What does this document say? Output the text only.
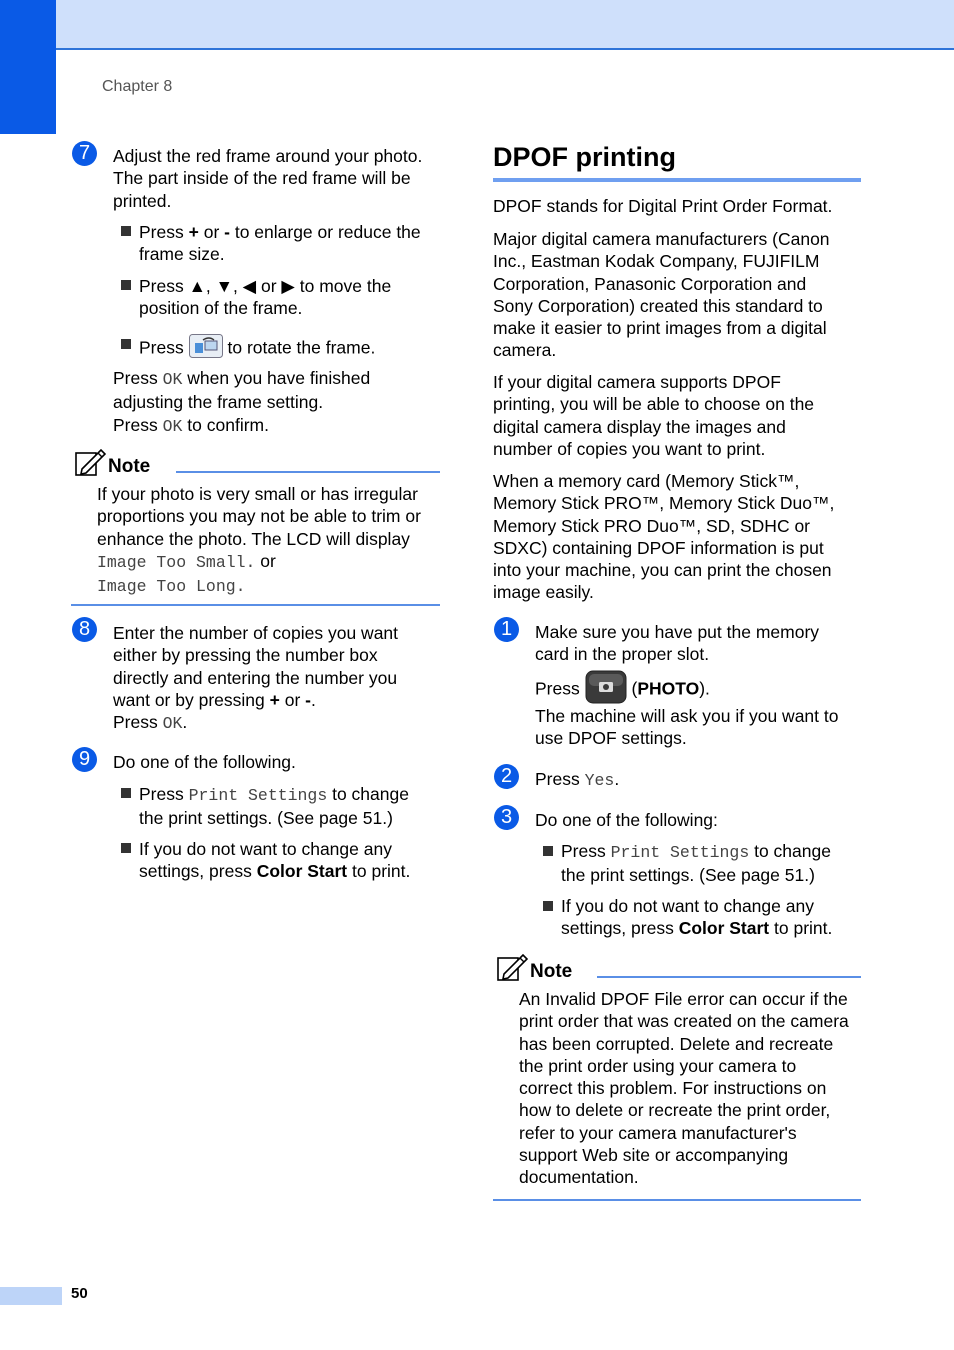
Chapter 8
7	Adjust the red frame around your photo.
The part inside of the red frame will be
printed.
Press + or - to enlarge or reduce the
frame size.
Press ▲, ▼, ◀ or ▶ to move the
position of the frame.
Press	to rotate the frame.
Press OK when you have finished
adjusting the frame setting.
Press OK to confirm.
Note
If your photo is very small or has irregular
proportions you may not be able to trim or
enhance the photo. The LCD will display
Image Too Small. or
Image Too Long.
8	Enter the number of copies you want
either by pressing the number box
directly and entering the number you
want or by pressing + or -.
Press OK.
9	Do one of the following.
Press Print Settings to change
the print settings. (See page 51.)
If you do not want to change any
settings, press Color Start to print.
DPOF printing
DPOF stands for Digital Print Order Format.
Major digital camera manufacturers (Canon
Inc., Eastman Kodak Company, FUJIFILM
Corporation, Panasonic Corporation and
Sony Corporation) created this standard to
make it easier to print images from a digital
camera.
If your digital camera supports DPOF
printing, you will be able to choose on the
digital camera display the images and
number of copies you want to print.
When a memory card (Memory Stick™,
Memory Stick PRO™, Memory Stick Duo™,
Memory Stick PRO Duo™, SD, SDHC or
SDXC) containing DPOF information is put
into your machine, you can print the chosen
image easily.
1	Make sure you have put the memory
card in the proper slot.
Press	(PHOTO).
The machine will ask you if you want to
use DPOF settings.
2	Press Yes.
3	Do one of the following:
Press Print Settings to change
the print settings. (See page 51.)
If you do not want to change any
settings, press Color Start to print.
Note
An Invalid DPOF File error can occur if the
print order that was created on the camera
has been corrupted. Delete and recreate
the print order using your camera to
correct this problem. For instructions on
how to delete or recreate the print order,
refer to your camera manufacturer's
support Web site or accompanying
documentation.
50
